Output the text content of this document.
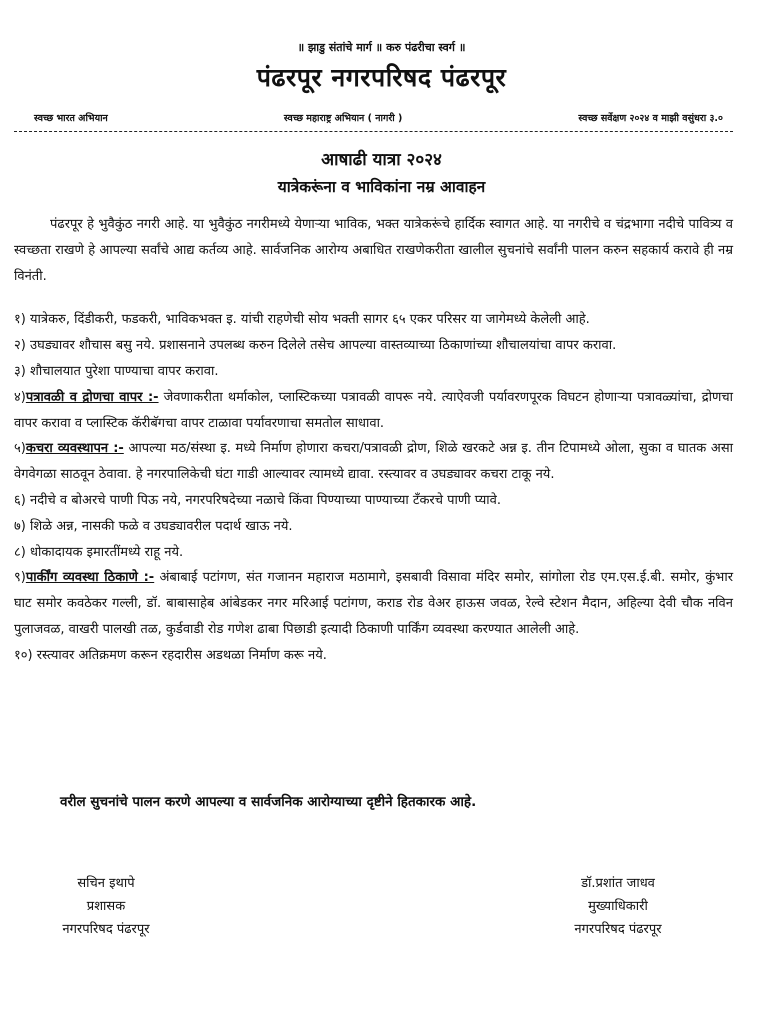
॥ झाडु संतांचे मार्ग ॥ करु पंढरीचा स्वर्ग ॥
पंढरपूर नगरपरिषद पंढरपूर
स्वच्छ भारत अभियान	स्वच्छ महाराष्ट्र अभियान ( नागरी )	स्वच्छ सर्वेक्षण २०२४ व माझी वसुंधरा ३.०
आषाढी यात्रा २०२४
यात्रेकरूंना व भाविकांना नम्र आवाहन

पंढरपूर हे भुवैकुंठ नगरी आहे. या भुवैकुंठ नगरीमध्ये येणाऱ्या भाविक, भक्त यात्रेकरूंचे हार्दिक स्वागत आहे. या नगरीचे व चंद्रभागा नदीचे पावित्र्य व स्वच्छता राखणे हे आपल्या सर्वांचे आद्य कर्तव्य आहे. सार्वजनिक आरोग्य अबाधित राखणेकरीता खालील सुचनांचे सर्वांनी पालन करुन सहकार्य करावे ही नम्र विनंती.

१) यात्रेकरु, दिंडीकरी, फडकरी, भाविकभक्त इ. यांची राहणेची सोय भक्ती सागर ६५ एकर परिसर या जागेमध्ये केलेली आहे.

२) उघड्यावर शौचास बसु नये. प्रशासनाने उपलब्ध करुन दिलेले तसेच आपल्या वास्तव्याच्या ठिकाणांच्या शौचालयांचा वापर करावा.

३) शौचालयात पुरेशा पाण्याचा वापर करावा.

४)पत्रावळी व द्रोणचा वापर :- जेवणाकरीता थर्माकोल, प्लास्टिकच्या पत्रावळी वापरू नये. त्याऐवजी पर्यावरणपूरक विघटन होणाऱ्या पत्रावळ्यांचा, द्रोणचा वापर करावा व प्लास्टिक कॅरीबॅगचा वापर टाळावा पर्यावरणाचा समतोल साधावा.

५)कचरा व्यवस्थापन :- आपल्या मठ/संस्था इ. मध्ये निर्माण होणारा कचरा/पत्रावळी द्रोण, शिळे खरकटे अन्न इ. तीन टिपामध्ये ओला, सुका व घातक असा वेगवेगळा साठवून ठेवावा. हे नगरपालिकेची घंटा गाडी आल्यावर त्यामध्ये द्यावा. रस्त्यावर व उघड्यावर कचरा टाकू नये.

६) नदीचे व बोअरचे पाणी पिऊ नये, नगरपरिषदेच्या नळाचे किंवा पिण्याच्या पाण्याच्या टँकरचे पाणी प्यावे.

७) शिळे अन्न, नासकी फळे व उघड्यावरील पदार्थ खाऊ नये.

८) धोकादायक इमारतींमध्ये राहू नये.

९)पार्कींग व्यवस्था ठिकाणे :- अंबाबाई पटांगण, संत गजानन महाराज मठामागे, इसबावी विसावा मंदिर समोर, सांगोला रोड एम.एस.ई.बी. समोर, कुंभार घाट समोर कवठेकर गल्ली, डॉ. बाबासाहेब आंबेडकर नगर मरिआई पटांगण, कराड रोड वेअर हाऊस जवळ, रेल्वे स्टेशन मैदान, अहिल्या देवी चौक नविन पुलाजवळ, वाखरी पालखी तळ, कुर्डवाडी रोड गणेश ढाबा पिछाडी इत्यादी ठिकाणी पार्किंग व्यवस्था करण्यात आलेली आहे.

१०) रस्त्यावर अतिक्रमण करून रहदारीस अडथळा निर्माण करू नये.

वरील सुचनांचे पालन करणे आपल्या व सार्वजनिक आरोग्याच्या दृष्टीने हितकारक आहे.
सचिन इथापे
प्रशासक
नगरपरिषद पंढरपूर
डॉ.प्रशांत जाधव
मुख्याधिकारी
नगरपरिषद पंढरपूर
